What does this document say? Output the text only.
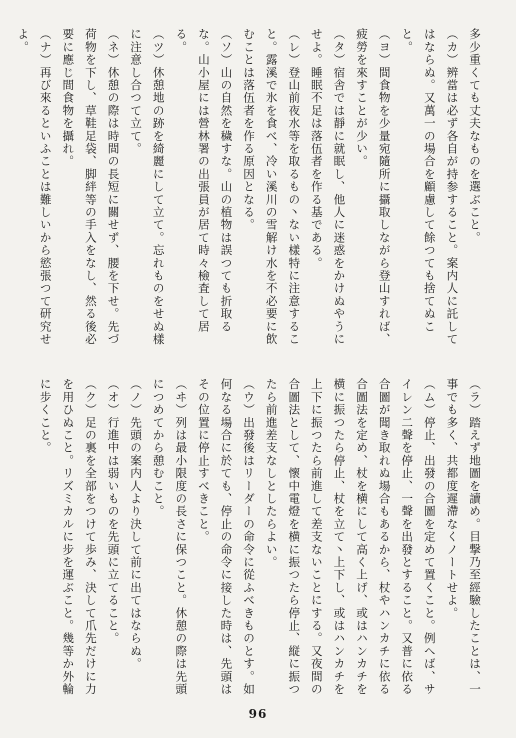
多少重くても丈夫なものを選ぶこと。
（カ）辨當は必ず各自が持参すること。案内人に託してはならぬ。又萬一の場合を顧慮して餘つても捨てぬこと。
（ヨ）間食物を少量宛隨所に攝取しながら登山すれば、疲勞を來すことが少い。
（タ）宿舎では靜に就眠し、他人に迷惑をかけぬやうにせよ。睡眠不足は落伍者を作る基である。
（レ）登山前夜水等を取るもの丶ない樣特に注意すること。露溪で氷を食べ、冷い溪川の雪解け水を不必要に飲むことは落伍者を作る原因となる。
（ソ）山の自然を穢すな。山の植物は誤つても折取るな。山小屋には營林署の出張員が居て時々檢査して居る。
（ツ）休憩地の跡を綺麗にして立て。忘れものをせぬ樣に注意し合つて立て。
（ネ）休憩の際は時間の長短に關せず、腰を下せ。先づ荷物を下し、草鞋足袋、脚絆等の手入をなし、然る後必要に應じ間食物を攝れ。
（ナ）再び來るといふことは難しいから慾張つて研究せよ。
（ラ）踏えず地圖を讀め。目撃乃至經驗したことは、一事でも多く、共都度遲滯なくノートせよ。
（ム）停止、出發の合圖を定めて置くこと。例へば、サイレン二聲を停止、一聲を出發とすること。又普に依る合圖が聞き取れぬ場合もあるから、杖やハンカチに依る合圖法を定め、杖を横にして高く上げ、或はハンカチを横に振つたら停止、杖を立て丶上下し、或はハンカチを上下に振つたら前進して差支ないことにする。又夜間の合圖法として、懷中電燈を横に振つたら停止、縦に振つたら前進差支なしとしたらよい。
（ウ）出發後はリーダーの命令に從ふべきものとす。如何なる場合に於ても、停止の命令に接した時は、先頭はその位置に停止すべきこと。
（ヰ）列は最小限度の長さに保つこと。休憩の際は先頭につめてから憩むこと。
（ノ）先頭の案内人より決して前に出てはならぬ。
（オ）行進中は弱いものを先頭に立てること。
（ク）足の裏を全部をつけて歩み、決して爪先だけに力を用ひぬこと。リズミカルに步を運ぶこと。幾等か外輪に步くこと。
96
